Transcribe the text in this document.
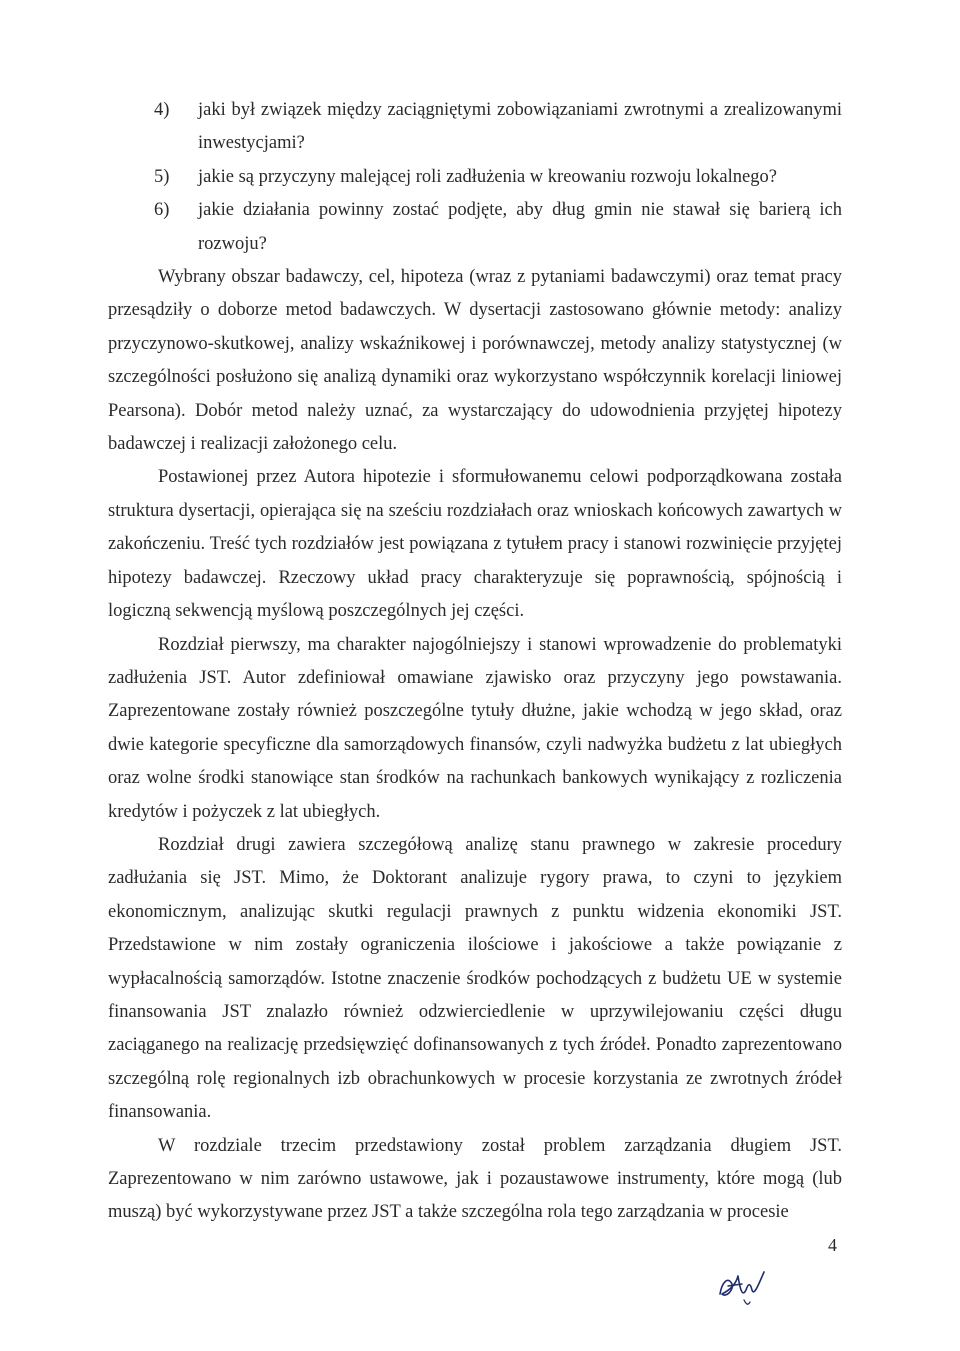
4)	jaki był związek między zaciągniętymi zobowiązaniami zwrotnymi a zrealizowanymi inwestycjami?
5)	jakie są przyczyny malejącej roli zadłużenia w kreowaniu rozwoju lokalnego?
6)	jakie działania powinny zostać podjęte, aby dług gmin nie stawał się barierą ich rozwoju?

Wybrany obszar badawczy, cel, hipoteza (wraz z pytaniami badawczymi) oraz temat pracy przesądziły o doborze metod badawczych. W dysertacji zastosowano głównie metody: analizy przyczynowo-skutkowej, analizy wskaźnikowej i porównawczej, metody analizy statystycznej (w szczególności posłużono się analizą dynamiki oraz wykorzystano współczynnik korelacji liniowej Pearsona). Dobór metod należy uznać, za wystarczający do udowodnienia przyjętej hipotezy badawczej i realizacji założonego celu.

Postawionej przez Autora hipotezie i sformułowanemu celowi podporządkowana została struktura dysertacji, opierająca się na sześciu rozdziałach oraz wnioskach końcowych zawartych w zakończeniu. Treść tych rozdziałów jest powiązana z tytułem pracy i stanowi rozwinięcie przyjętej hipotezy badawczej. Rzeczowy układ pracy charakteryzuje się poprawnością, spójnością i logiczną sekwencją myślową poszczególnych jej części.

Rozdział pierwszy, ma charakter najogólniejszy i stanowi wprowadzenie do problematyki zadłużenia JST. Autor zdefiniował omawiane zjawisko oraz przyczyny jego powstawania. Zaprezentowane zostały również poszczególne tytuły dłużne, jakie wchodzą w jego skład, oraz dwie kategorie specyficzne dla samorządowych finansów, czyli nadwyżka budżetu z lat ubiegłych oraz wolne środki stanowiące stan środków na rachunkach bankowych wynikający z rozliczenia kredytów i pożyczek z lat ubiegłych.

Rozdział drugi zawiera szczegółową analizę stanu prawnego w zakresie procedury zadłużania się JST. Mimo, że Doktorant analizuje rygory prawa, to czyni to językiem ekonomicznym, analizując skutki regulacji prawnych z punktu widzenia ekonomiki JST. Przedstawione w nim zostały ograniczenia ilościowe i jakościowe a także powiązanie z wypłacalnością samorządów. Istotne znaczenie środków pochodzących z budżetu UE w systemie finansowania JST znalazło również odzwierciedlenie w uprzywilejowaniu części długu zaciąganego na realizację przedsięwzięć dofinansowanych z tych źródeł. Ponadto zaprezentowano szczególną rolę regionalnych izb obrachunkowych w procesie korzystania ze zwrotnych źródeł finansowania.

W rozdziale trzecim przedstawiony został problem zarządzania długiem JST. Zaprezentowano w nim zarówno ustawowe, jak i pozaustawowe instrumenty, które mogą (lub muszą) być wykorzystywane przez JST a także szczególna rola tego zarządzania w procesie

4
